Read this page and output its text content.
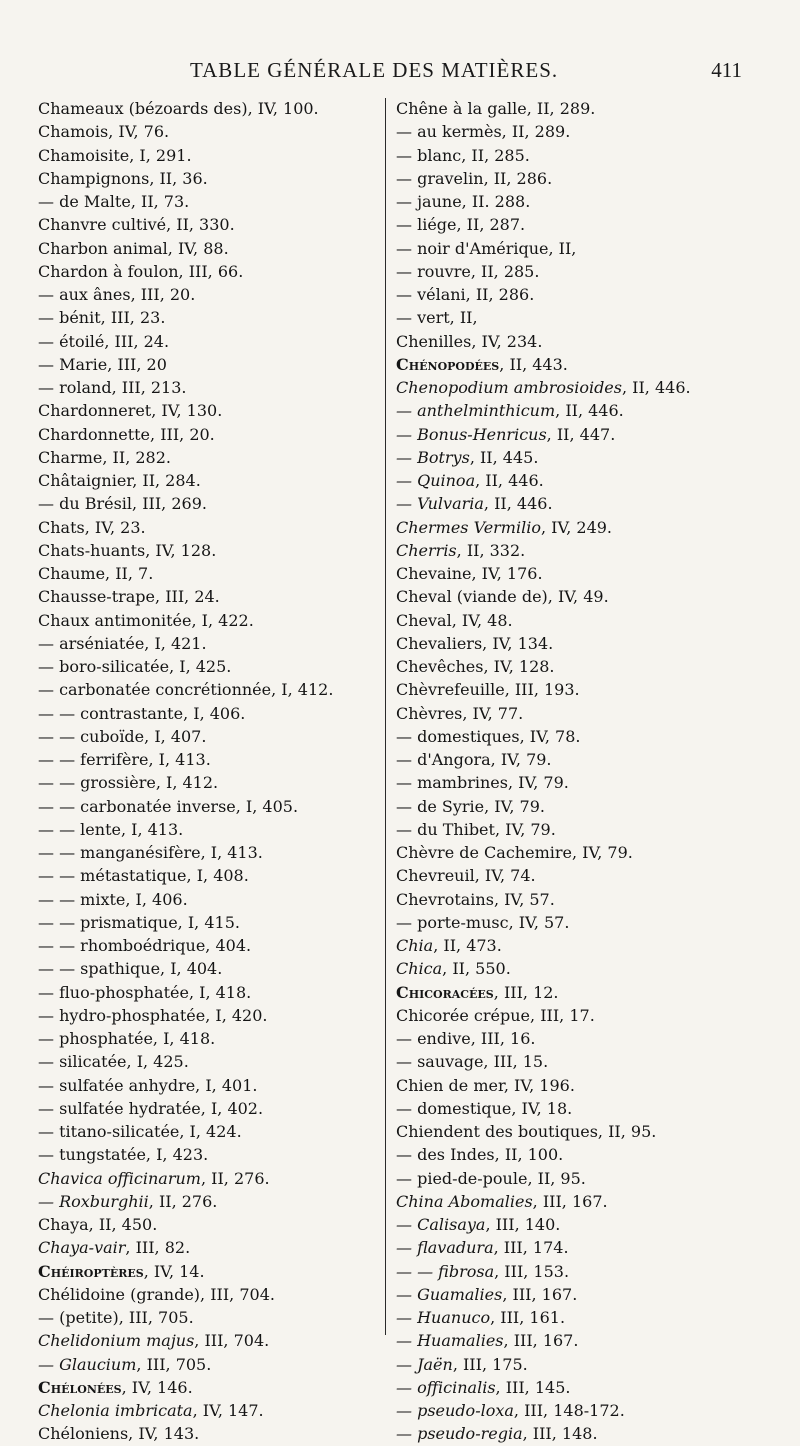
TABLE GÉNÉRALE DES MATIÈRES.	411
Chameaux (bézoards des), IV, 100.
Chamois, IV, 76.
Chamoisite, I, 291.
Champignons, II, 36.
— de Malte, II, 73.
Chanvre cultivé, II, 330.
Charbon animal, IV, 88.
Chardon à foulon, III, 66.
— aux ânes, III, 20.
— bénit, III, 23.
— étoilé, III, 24.
— Marie, III, 20
— roland, III, 213.
Chardonneret, IV, 130.
Chardonnette, III, 20.
Charme, II, 282.
Châtaignier, II, 284.
— du Brésil, III, 269.
Chats, IV, 23.
Chats-huants, IV, 128.
Chaume, II, 7.
Chausse-trape, III, 24.
Chaux antimonitée, I, 422.
— arséniatée, I, 421.
— boro-silicatée, I, 425.
— carbonatée concrétionnée, I, 412.
— — contrastante, I, 406.
— — cuboïde, I, 407.
— — ferrifère, I, 413.
— — grossière, I, 412.
— — carbonatée inverse, I, 405.
— — lente, I, 413.
— — manganésifère, I, 413.
— — métastatique, I, 408.
— — mixte, I, 406.
— — prismatique, I, 415.
— — rhomboédrique, 404.
— — spathique, I, 404.
— fluo-phosphatée, I, 418.
— hydro-phosphatée, I, 420.
— phosphatée, I, 418.
— silicatée, I, 425.
— sulfatée anhydre, I, 401.
— sulfatée hydratée, I, 402.
— titano-silicatée, I, 424.
— tungstatée, I, 423.
Chavica officinarum, II, 276.
— Roxburghii, II, 276.
Chaya, II, 450.
Chaya-vair, III, 82.
Chéiroptères, IV, 14.
Chélidoine (grande), III, 704.
— (petite), III, 705.
Chelidonium majus, III, 704.
— Glaucium, III, 705.
Chélonées, IV, 146.
Chelonia imbricata, IV, 147.
Chéloniens, IV, 143.
Chêne à la galle, II, 289.
— au kermès, II, 289.
— blanc, II, 285.
— gravelin, II, 286.
— jaune, II. 288.
— liége, II, 287.
— noir d'Amérique, II,
— rouvre, II, 285.
— vélani, II, 286.
— vert, II,
Chenilles, IV, 234.
Chénopodées, II, 443.
Chenopodium ambrosioides, II, 446.
— anthelminthicum, II, 446.
— Bonus-Henricus, II, 447.
— Botrys, II, 445.
— Quinoa, II, 446.
— Vulvaria, II, 446.
Chermes Vermilio, IV, 249.
Cherris, II, 332.
Chevaine, IV, 176.
Cheval (viande de), IV, 49.
Cheval, IV, 48.
Chevaliers, IV, 134.
Chevêches, IV, 128.
Chèvrefeuille, III, 193.
Chèvres, IV, 77.
— domestiques, IV, 78.
— d'Angora, IV, 79.
— mambrines, IV, 79.
— de Syrie, IV, 79.
— du Thibet, IV, 79.
Chèvre de Cachemire, IV, 79.
Chevreuil, IV, 74.
Chevrotains, IV, 57.
— porte-musc, IV, 57.
Chia, II, 473.
Chica, II, 550.
Chicoracées, III, 12.
Chicorée crépue, III, 17.
— endive, III, 16.
— sauvage, III, 15.
Chien de mer, IV, 196.
— domestique, IV, 18.
Chiendent des boutiques, II, 95.
— des Indes, II, 100.
— pied-de-poule, II, 95.
China Abomalies, III, 167.
— Calisaya, III, 140.
— flavadura, III, 174.
— — fibrosa, III, 153.
— Guamalies, III, 167.
— Huanuco, III, 161.
— Huamalies, III, 167.
— Jaën, III, 175.
— officinalis, III, 145.
— pseudo-loxa, III, 148-172.
— pseudo-regia, III, 148.
